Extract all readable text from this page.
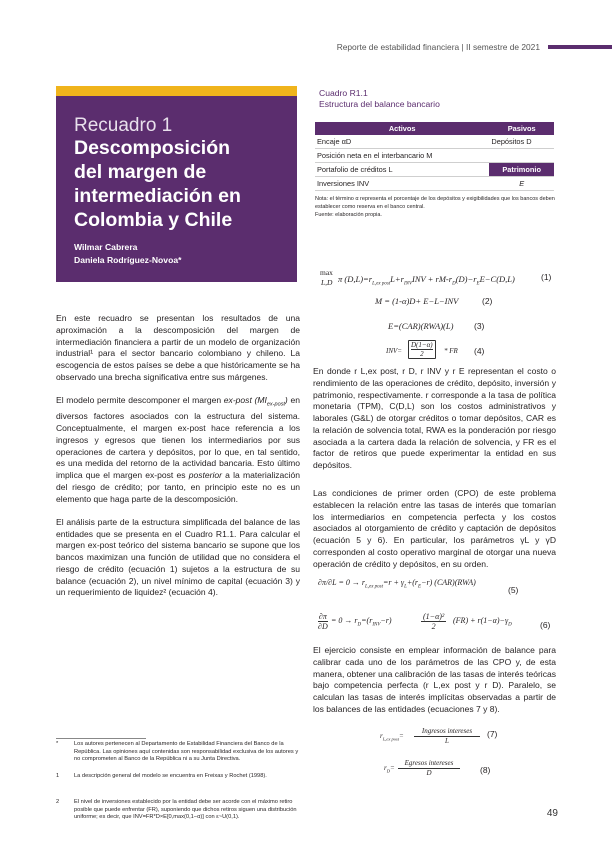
Reporte de estabilidad financiera | II semestre de 2021
Recuadro 1
Descomposición
del margen de
intermediación en
Colombia y Chile
Wilmar Cabrera
Daniela Rodríguez-Novoa*

En este recuadro se presentan los resultados de una aproximación a la descomposición del margen de intermediación financiera a partir de un modelo de organización industrial¹ para el sector bancario colombiano y chileno. La escogencia de estos países se debe a que históricamente se ha observado una brecha significativa entre sus márgenes.

El modelo permite descomponer el margen ex-post $(MI_{ex-post})$ en diversos factores asociados con la estructura del sistema. Conceptualmente, el margen ex-post hace referencia a los ingresos y egresos que tienen los intermediarios por sus operaciones de cartera y depósitos, por lo que, en tal sentido, es una medida del retorno de la actividad bancaria. Esto último implica que el margen ex-post es posterior a la materialización del riesgo de crédito; por tanto, en principio este no es un elemento que haga parte de la descomposición.

El análisis parte de la estructura simplificada del balance de las entidades que se presenta en el Cuadro R1.1. Para calcular el margen ex-post teórico del sistema bancario se supone que los bancos maximizan una función de utilidad que no considera el riesgo de crédito (ecuación 1) sujetos a la estructura de su balance (ecuación 2), un nivel mínimo de capital (ecuación 3) y un requerimiento de liquidez² (ecuación 4).

Cuadro R1.1
Estructura del balance bancario
Activos	Pasivos
Encaje αD	Depósitos D
Posición neta en el interbancario M	
Portafolio de créditos L	Patrimonio
Inversiones INV	E
Nota: el término α representa el porcentaje de los depósitos y exigibilidades que los bancos deben establecer como reserva en el banco central.
Fuente: elaboración propia.
max
L,D π $(D,L)=r_{L,ex post}L+r_{INV}INV + rM-r_D(D)-r_EE-C(D,L)$	(1)
M = (1-α)D+ E−L−INV	(2)
E=(CAR)(RWA)(L) (3)
INV=
D(1−α)
2	* FR (4)
En donde r L,ex post, r D, r INV y r E representan el costo o rendimiento de las operaciones de crédito, depósito, inversión y patrimonio, respectivamente. r corresponde a la tasa de política monetaria (TPM), C(D,L) son los costos administrativos y laborales (G&L) de otorgar créditos o tomar depósitos, CAR es la relación de solvencia total, RWA es la ponderación por riesgo asociada a la cartera dada la relación de solvencia, y FR es el factor de retiros que puede experimentar la entidad en sus depósitos.
Las condiciones de primer orden (CPO) de este problema establecen la relación entre las tasas de interés que tomarían los intermediarios en competencia perfecta y los costos asociados al otorgamiento de crédito y captación de depósitos (ecuación 5 y 6). En particular, los parámetros γL y γD corresponden al costo operativo marginal de otorgar una nueva operación de crédito y depósitos, en su orden.
$\partial\pi/\partial L = 0 \to r_{L,ex post}=r + \gamma_L+(r_E-r)$ (CAR)(RWA)
(5)
∂π
∂D
= $0 \to r_D=(r_{INV}-r)$	(1−α)²
2
$(FR) + r(1-\alpha)-\gamma_D$	(6)
El ejercicio consiste en emplear información de balance para calibrar cada uno de los parámetros de las CPO y, de esta manera, obtener una calibración de las tasas de interés teóricas bajo competencia perfecta (r L,ex post y r D). Paralelo, se calculan las tasas de interés implícitas observadas a partir de los balances de las entidades (ecuaciones 7 y 8).
$r_{L,ex post}=$
Ingresos intereses
L
(7)
$r_D=$
Egresos intereses
D	(8)
*	Los autores pertenecen al Departamento de Estabilidad Financiera del Banco de la República. Las opiniones aquí contenidas son responsabilidad exclusiva de los autores y no comprometen al Banco de la República ni a su Junta Directiva.
1	La descripción general del modelo se encuentra en Freixas y Rochet (1998).
2	El nivel de inversiones establecido por la entidad debe ser acorde con el máximo retiro posible que puede enfrentar (FR), suponiendo que dichos retiros siguen una distribución uniforme; es decir, que INV=FR*D×E[0,max(0,1−α)] con ε~U(0,1).	49
